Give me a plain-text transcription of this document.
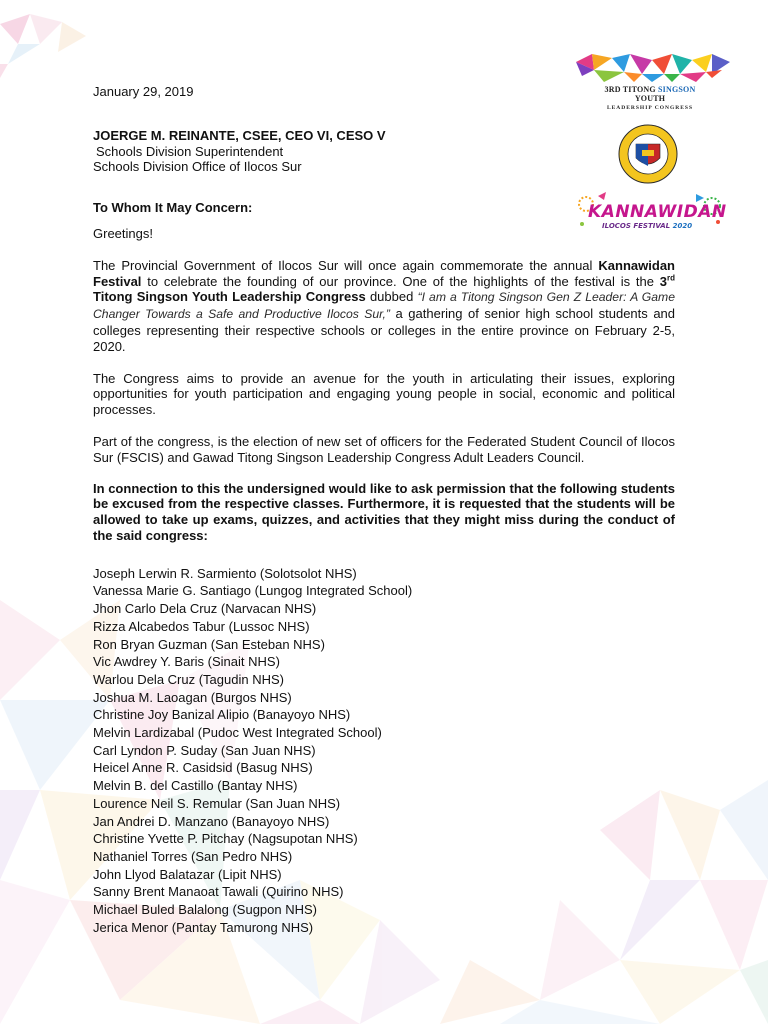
3RD TITONG SINGSON YOUTH
LEADERSHIP CONGRESS
KANNAWIDAN
ILOCOS FESTIVAL 2020

January 29, 2019

JOERGE M. REINANTE, CSEE, CEO VI, CESO V

Schools Division Superintendent

Schools Division Office of Ilocos Sur

To Whom It May Concern:

Greetings!

The Provincial Government of Ilocos Sur will once again commemorate the annual Kannawidan Festival to celebrate the founding of our province. One of the highlights of the festival is the 3rd Titong Singson Youth Leadership Congress dubbed “I am a Titong Singson Gen Z Leader: A Game Changer Towards a Safe and Productive Ilocos Sur,” a gathering of senior high school students and colleges representing their respective schools or colleges in the entire province on February 2-5, 2020.

The Congress aims to provide an avenue for the youth in articulating their issues, exploring opportunities for youth participation and engaging young people in social, economic and political processes.

Part of the congress, is the election of new set of officers for the Federated Student Council of Ilocos Sur (FSCIS) and Gawad Titong Singson Leadership Congress Adult Leaders Council.

In connection to this the undersigned would like to ask permission that the following students be excused from the respective classes. Furthermore, it is requested that the students will be allowed to take up exams, quizzes, and activities that they might miss during the conduct of the said congress:

Joseph Lerwin R. Sarmiento (Solotsolot NHS)
Vanessa Marie G. Santiago (Lungog Integrated School)
Jhon Carlo Dela Cruz (Narvacan NHS)
Rizza Alcabedos Tabur (Lussoc NHS)
Ron Bryan Guzman (San Esteban NHS)
Vic Awdrey Y. Baris (Sinait NHS)
Warlou Dela Cruz (Tagudin NHS)
Joshua M. Laoagan (Burgos NHS)
Christine Joy Banizal Alipio (Banayoyo NHS)
Melvin Lardizabal (Pudoc West Integrated School)
Carl Lyndon P. Suday (San Juan NHS)
Heicel Anne R. Casidsid (Basug NHS)
Melvin B. del Castillo (Bantay NHS)
Lourence Neil S. Remular (San Juan NHS)
Jan Andrei D. Manzano (Banayoyo NHS)
Christine Yvette P. Pitchay (Nagsupotan NHS)
Nathaniel Torres (San Pedro NHS)
John Llyod Balatazar (Lipit NHS)
Sanny Brent Manaoat Tawali (Quirino NHS)
Michael Buled Balalong (Sugpon NHS)
Jerica Menor (Pantay Tamurong NHS)
